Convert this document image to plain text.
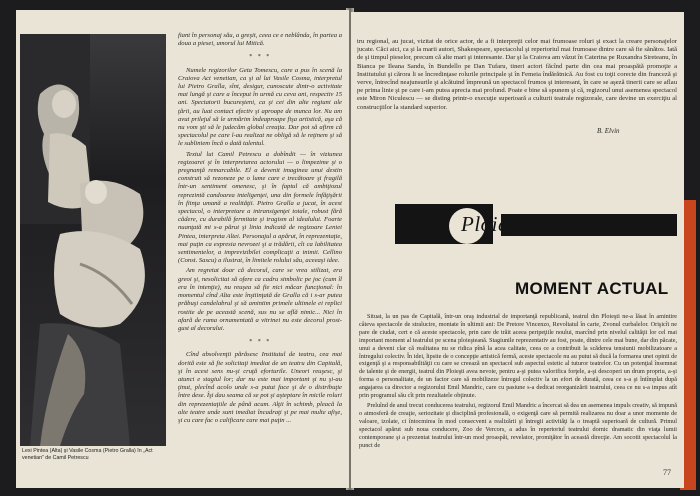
Lexi Pintea (Alta) şi Vasile Cosma (Pietro Gralla) în „Act venetian” de Camil Petrescu

fiant în personaj său, a greşit, ceea ce e neblânda, în partea a doua a piesei, umorul lui Mitică.

* * *

Numele regizorilor Geta Tomescu, care a pus în scenă la Craiova Act venetian, ca şi al lui Vasile Cosma, interpretul lui Pietro Gralla, sînt, desigur, cunoscute dintr-o activitate mai lungă şi care a început în urmă cu ceva ani, respectiv 15 ani. Spectatorii bucureşteni, ca şi cei din alte regiuni ale ţării, au luat contact efectiv şi aproape de munca lor. Nu am avut prilejul să le urmărim îndeaproape fişa artistică, aşa că nu vom şti să le judecăm global creaţia. Dar pot să afirm că spectacolul pe care l-au realizat ne obligă să le reţinem şi să le subliniem încă o dată talentul.

Textul lui Camil Petrescu a dobîndit — în viziunea regizoarei şi în interpretarea actorului — o limpezime şi o pregnanţă remarcabile. El a devenit imaginea unui destin construit să rezoneze pe o lume care e trecătoare şi fragilă într-un sentiment omenesc, şi în faptul că ambiţiozul reprezintă candoarea inteligenţei, una din formele înfăţişării în fiinţa umană a realităţii. Pietro Gralla a jucat, în acest spectacol, o interpretare a intransigenţei totale, robust fără cădere, cu durabilă fermitate şi tragism al idealului. Foarte nuanţată mi s-a părut şi linia indicată de regizoare Leniei Pintea, interpreta Altei. Personajul a apărut, în reprezentaţie, mai puţin ca expresia nevrozei şi a trădării, cît ca labilitatea sentimentelor, a imprevizibilei complicaţii a inimii. Cellino (Const. Sascu) a ilustrat, în limitele rolului său, aceeaşi idee.

Am regretat doar că decorul, care se vrea stilizat, era greoi şi, nesolicitat să ofere ca cadru simbolic pe joc (cum îl era în intenţie), nu reuşea să fie nici măcar funcţional: în momentul cînd Alta este înştiinţată de Gralla că i s-ar putea prăbuşi candelabrul şi să amintim primele ultimele ei replici rostite de pe această scenă, sus nu se află nimic... Nici în afară de rama ornamentată a vitrinei nu este decorul prost-gust al decorului.

* * *

Cînd absolvenţii părăsesc Institutul de teatru, cea mai dorită este să fie solicitaţi imediat de un teatru din Capitală, şi în acest sens nu-şi cruţă eforturile. Uneori reuşesc, şi atunci e stagiul lor; dar nu este mai important şi nu şi-au ţinut, plecînd acolo unde s-a putut face şi de o distribuţie între dese. Îşi dau seama că se pot şi aşteptare în micile roluri din reprezentaţiile de până acum. Alţii în schimb, pleacă la alte teatre unde sunt imediat încadraţi şi pe mai multe afişe, şi cu care fac o calificare care mai puţin ...

tru regional, au jucat, vizitat de orice actor, de a fi interpreţii celor mai frumoase roluri şi exact la creare personajelor jucate. Căci aici, ca şi la marii autori, Shakespeare, spectacolul şi repertoriul mai frumoase dintre care să fie sănătos. Iată de şi timpul pieselor, precum că alte mari şi interesante. Dar şi la Craiova am văzut în Caterina pe Ruxandra Sireteanu, în Bianca pe Ileana Sandu, în Bundello pe Dan Tufaru, tineri actori făcînd parte din cea mai proaspătă promoţie a Institutului şi cărora li se încredinţase rolurile principale şi în Femeia îndărătnică. Au fost cu toţii corecte din franceză şi verve, întrecînd neajunsurile şi alcătuind împreună un spectacol frumos şi interesant, în care se aşeză tinerii care se aflau pe prima linie şi pe care i-am putea aprecia mai profund. Poate e bine să spunem şi că, regizorul unui asemenea spectacol este Miron Niculescu — se disting printr-o execuţie superioară a culturii teatrale regizorale, care devine un exerciţiu al construcţiilor la standard superior.

B. Elvin
Ploieşti
MOMENT ACTUAL

Situat, la un pas de Capitală, într-un oraş industrial de importanţă republicană, teatrul din Ploieşti ne-a lăsat în amintire câteva spectacole de stralucire, montate în ultimii ani: De Pretore Vincenzo, Revoltatul în carte, Zvonul curbalelor. Orişicît ne pare de ciudat, cert e că aceste spectacole, prin care de trăit aceea peripeţiile noului, marcînd prin nivelul calităţii lor cel mai important moment al teatrului pe scena ploieşteană. Stagiunile reprezentativ au fost, poate, dintre cele mai bune, dar din păcate, unui a deveni clar că realitatea nu se ridica pînă la acea calitate, ceea ce a contribuit la scăderea tensiunii mobilizatoare a întregului colectiv. În idei, lipsite de o concepţie artistică fermă, aceste spectacole nu au putut să ducă la formarea unei opinii de exigenţă şi a responsabilităţii cu care se creează un spectacol sub aspectul estetic al tuturor teatrelor. Cu un potenţial însemnat de talente şi de energii, teatrul din Ploieşti avea nevoie, pentru a-şi putea valorifica forţele, a-şi descoperi un drum propriu, a-şi forma o personalitate, de un factor care să mobilizeze întregul colectiv la un efort de durată, ceea ce s-a şi întîmplat după angajarea ca director a regizorului Emil Mandric, care cu pasiune s-a dedicat reorganizării teatrului, ceea ce nu s-a impus atît prin programul său cît prin rezultatele obţinute.

Preluînd de anul trecut conducerea teatrului, regizorul Emil Mandric a încercat să dea un asemenea impuls creativ, să impună o atmosferă de creaţie, seriozitate şi disciplină profesională, o exigenţă care să permită realizarea nu doar a unor momente de valoare, izolate, ci întocmirea în mod consecvent a realizării şi întregii activităţi la o treaptă superioară de cultură. Primul spectacol apărut sub noua conducere, Zoo de Vercors, a adus în repertoriul teatrului dornic dramatic din viaţa lumii contemporane şi a prezentat teatrului într-un mod proaspăt, revelator, promiţător în această direcţie. Am socotit spectacolul la punct de

77
